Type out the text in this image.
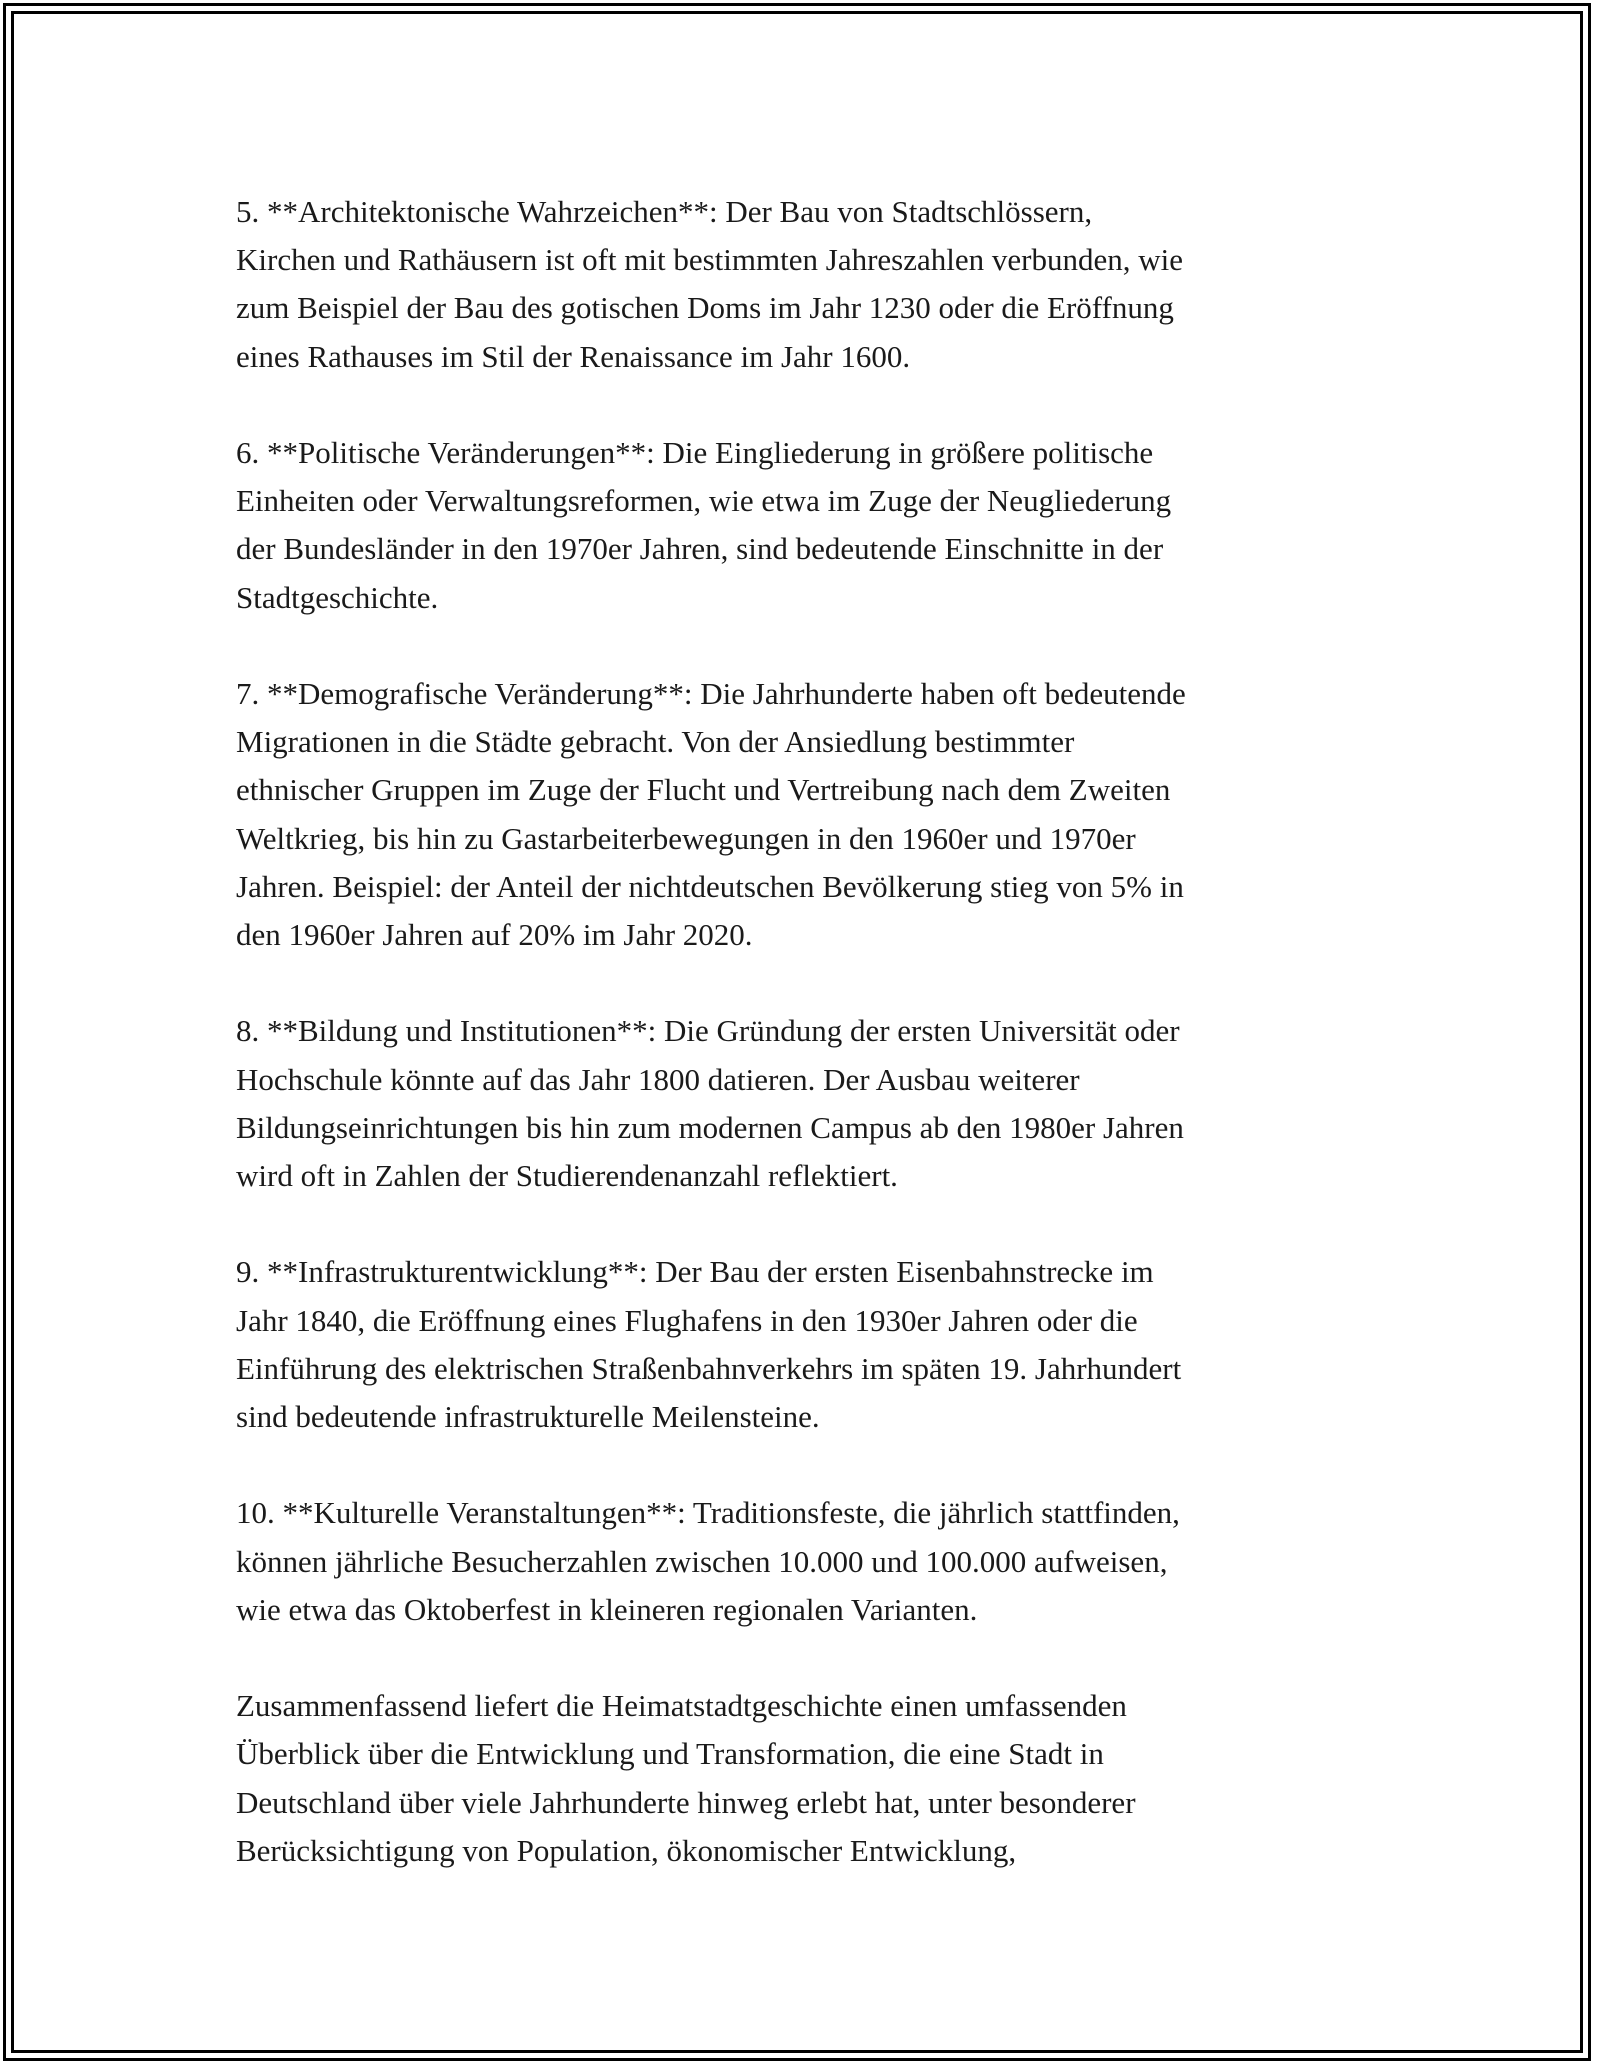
5. **Architektonische Wahrzeichen**: Der Bau von Stadtschlössern,
Kirchen und Rathäusern ist oft mit bestimmten Jahreszahlen verbunden, wie
zum Beispiel der Bau des gotischen Doms im Jahr 1230 oder die Eröffnung
eines Rathauses im Stil der Renaissance im Jahr 1600.

6. **Politische Veränderungen**: Die Eingliederung in größere politische
Einheiten oder Verwaltungsreformen, wie etwa im Zuge der Neugliederung
der Bundesländer in den 1970er Jahren, sind bedeutende Einschnitte in der
Stadtgeschichte.

7. **Demografische Veränderung**: Die Jahrhunderte haben oft bedeutende
Migrationen in die Städte gebracht. Von der Ansiedlung bestimmter
ethnischer Gruppen im Zuge der Flucht und Vertreibung nach dem Zweiten
Weltkrieg, bis hin zu Gastarbeiterbewegungen in den 1960er und 1970er
Jahren. Beispiel: der Anteil der nichtdeutschen Bevölkerung stieg von 5% in
den 1960er Jahren auf 20% im Jahr 2020.

8. **Bildung und Institutionen**: Die Gründung der ersten Universität oder
Hochschule könnte auf das Jahr 1800 datieren. Der Ausbau weiterer
Bildungseinrichtungen bis hin zum modernen Campus ab den 1980er Jahren
wird oft in Zahlen der Studierendenanzahl reflektiert.

9. **Infrastrukturentwicklung**: Der Bau der ersten Eisenbahnstrecke im
Jahr 1840, die Eröffnung eines Flughafens in den 1930er Jahren oder die
Einführung des elektrischen Straßenbahnverkehrs im späten 19. Jahrhundert
sind bedeutende infrastrukturelle Meilensteine.

10. **Kulturelle Veranstaltungen**: Traditionsfeste, die jährlich stattfinden,
können jährliche Besucherzahlen zwischen 10.000 und 100.000 aufweisen,
wie etwa das Oktoberfest in kleineren regionalen Varianten.

Zusammenfassend liefert die Heimatstadtgeschichte einen umfassenden
Überblick über die Entwicklung und Transformation, die eine Stadt in
Deutschland über viele Jahrhunderte hinweg erlebt hat, unter besonderer
Berücksichtigung von Population, ökonomischer Entwicklung,
